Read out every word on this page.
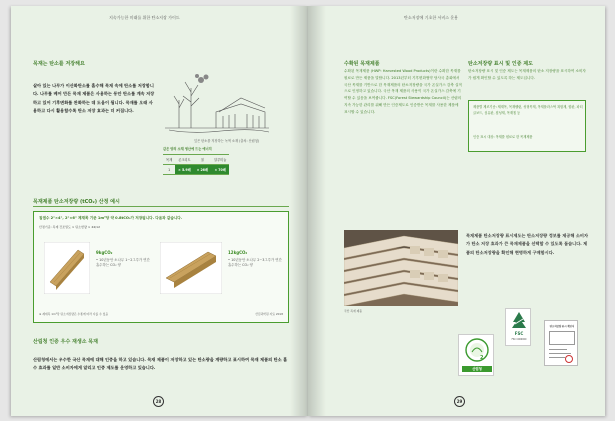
지속가능한 미래를 위한 탄소저장 가이드
목재는 탄소를 저장해요
살아 있는 나무가 이산화탄소를 흡수해 목재 속에 탄소를 저장합니다. 나무를 베어 만든 목재 제품은 사용하는 동안 탄소를 계속 저장하고 있어 기후변화를 완화하는 데 도움이 됩니다. 목재를 오래 사용하고 다시 활용할수록 탄소 저장 효과는 더 커집니다.
잎은 탄소를 저장하는 녹색 소재 (출처: 산림청)
같은 양의 소재 생산에 드는 에너지
목재	콘크리트	철	알루미늄
1	× 5.9배	× 26배	× 70배
목재제품 탄소저장량 (tCO₂) 산정 예시
침엽수 2"×4", 2"×6" 제재목 기준 1m³당 약 0.8tCO₂가 저장됩니다. 다음과 같습니다.
산정기준: 목재 건조밀도 × 탄소함량 × 44/12
9kgCO₂
• 10년동안 소나무 1~2그루가 연간 흡수하는 CO₂ 양
12kgCO₂
• 10년동안 소나무 2~3그루가 연간 흡수하는 CO₂ 양
※ 제재목 1m³당 탄소저장량은 수종에 따라 다를 수 있음	산림과학원 자료 2018
산림청 인증 우수 재생소 목재
산림청에서는 우수한 국산 목재에 대해 인증을 하고 있습니다. 목재 제품이 저장하고 있는 탄소량을 계량하고 표시하여 목재 제품의 탄소 흡수 효과를 일반 소비자에게 알리고 인증 제도를 운영하고 있습니다.
28
탄소저장에 기초한 서비스 운용
수확된 목재제품
수확된 목재제품 (HWP: Harvested Wood Products)이란 수확한 목재를 원료로 만든 제품을 말합니다. 2013년부터 기후변화협약 당사국 총회에서 국산 목재를 기반으로 한 목재제품의 탄소저장량을 국가 온실가스 감축 실적으로 인정하고 있습니다. 국산 목재 제품의 사용이 국가 온실가스 감축에 기여할 수 있음을 보여줍니다. FSC(Forest Stewardship Council)는 산림의 지속 가능한 관리를 위해 만든 인증제도로 인증받은 목재를 사용한 제품에 표시할 수 있습니다.
탄소저장량 표시 및 인증 제도
탄소저장량 표시 및 인증 제도는 목재제품의 탄소 저장량을 표시하여 소비자가 쉽게 확인할 수 있도록 하는 제도입니다.
제품별 제조기준: 제재목, 목재펠릿, 성형목재, 목재플라스틱 복합재, 합판, 파티클보드, 섬유판, 집성재, 목재칩 등
인증 표시 대상: 목재를 원료로 한 목재제품
국산 목재 제품
목재제품 탄소저장량 표시제도는 탄소저장량 정보를 제공해 소비자가 탄소 저장 효과가 큰 목재제품을 선택할 수 있도록 돕습니다. 제품의 탄소저장량을 확인해 현명하게 구매합시다.
2
산림청
FSC
FSC C000000
탄소저장량 표시 확인서
29
